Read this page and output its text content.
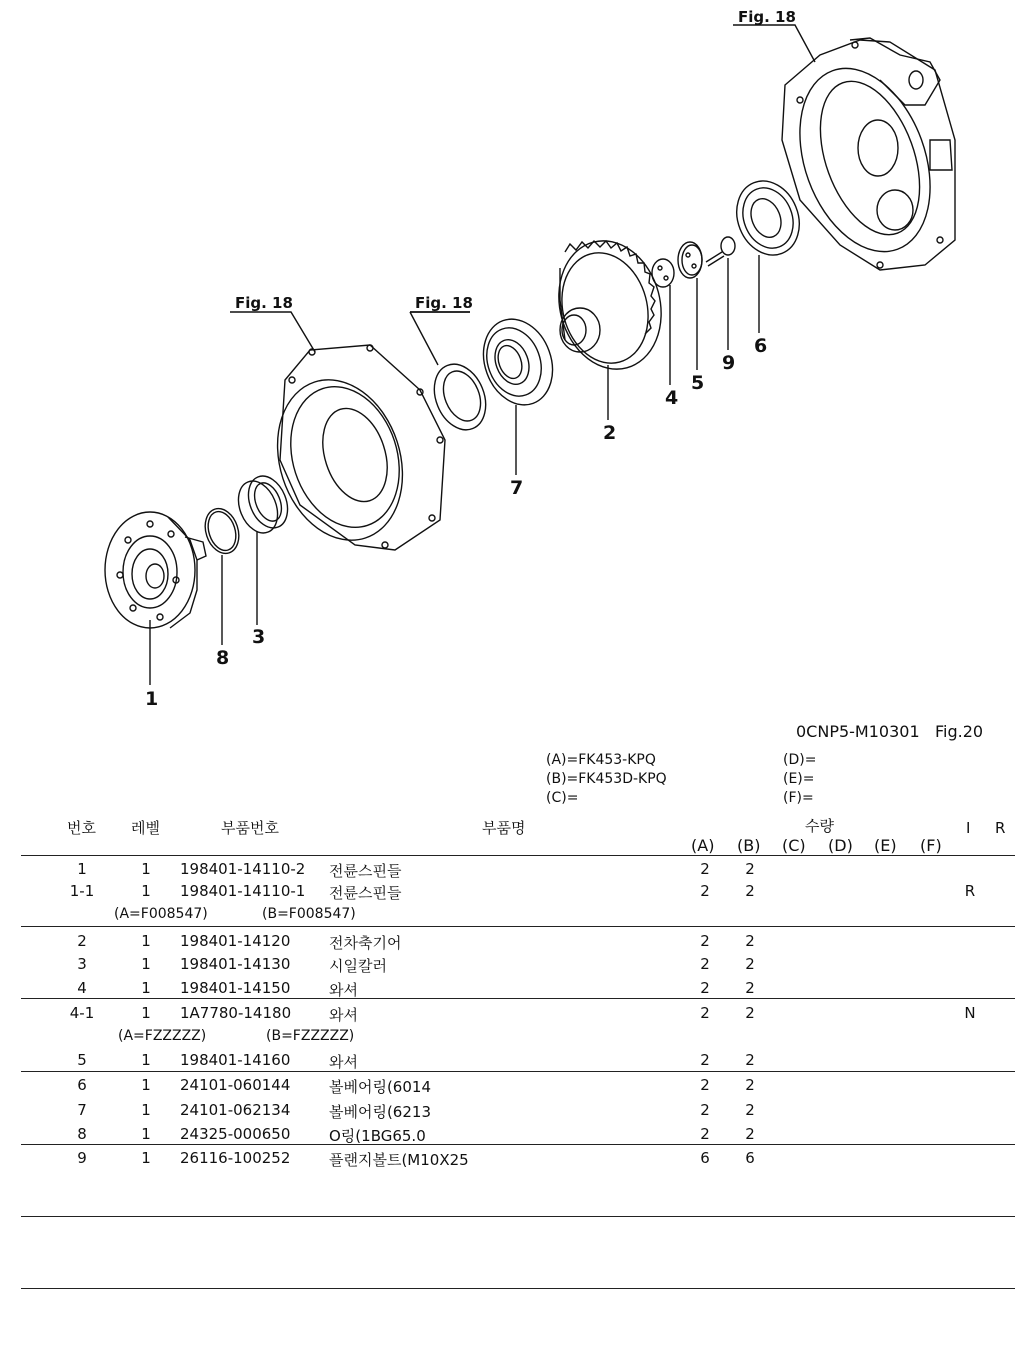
Fig. 18
Fig. 18	Fig. 18
1
8
3
7
2
4
5
9
6
0CNP5-M10301 Fig.20
(A)=FK453-KPQ
(B)=FK453D-KPQ
(C)=
(D)=
(E)=
(F)=
번호 레벨	부품번호	부품명	수량
(A) (B) (C) (D) (E) (F)
I R
1	1	198401-14110-2 전륜스핀들	2	2
1-1	1	198401-14110-1 전륜스핀들	2	2	R
(A=F008547)	(B=F008547)
2	1	198401-14120	전차축기어	2	2
3	1	198401-14130	시일칼러	2	2
4	1	198401-14150	와셔	2	2
4-1	1	1A7780-14180	와셔	2	2	N
(A=FZZZZZ)	(B=FZZZZZ)
5	1	198401-14160	와셔	2	2
6	1	24101-060144	볼베어링(6014	2	2
7	1	24101-062134	볼베어링(6213	2	2
8	1	24325-000650	O링(1BG65.0	2	2
9	1	26116-100252	플랜지볼트(M10X25	6	6
